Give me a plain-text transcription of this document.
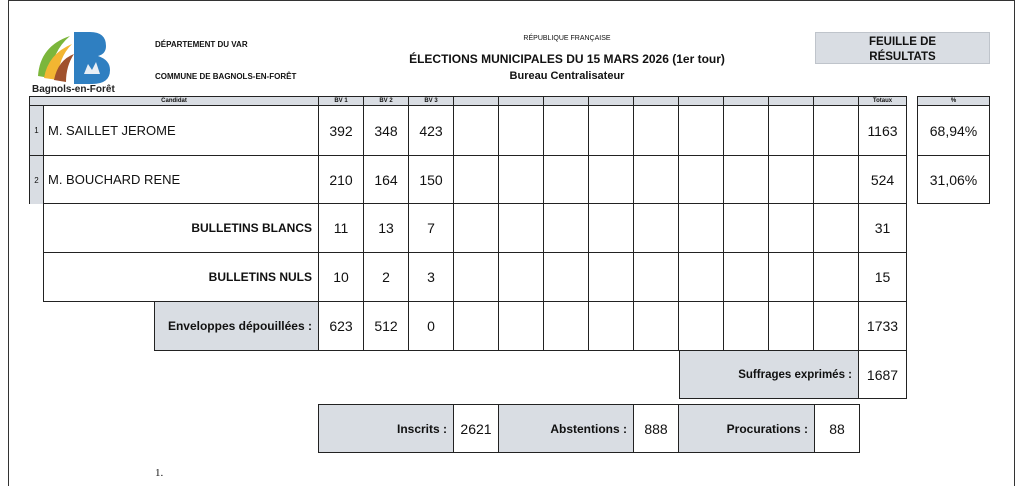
Bagnols-en-Forêt
DÉPARTEMENT DU VAR
COMMUNE DE BAGNOLS-EN-FORÊT
RÉPUBLIQUE FRANÇAISE
ÉLECTIONS MUNICIPALES DU 15 MARS 2026 (1er tour)
Bureau Centralisateur
FEUILLE DE
RÉSULTATS
Candidat	BV 1	BV 2	BV 3	Totaux	%
1 M. SAILLET JEROME	392	348	423	1163	68,94%
2 M. BOUCHARD RENE	210	164	150	524	31,06%
BULLETINS BLANCS	11	13	7	31
BULLETINS NULS	10	2	3	15
Enveloppes dépouillées :	623	512	0	1733
Suffrages exprimés :	1687
Inscrits : 2621	Abstentions :	888	Procurations :	88
1.
